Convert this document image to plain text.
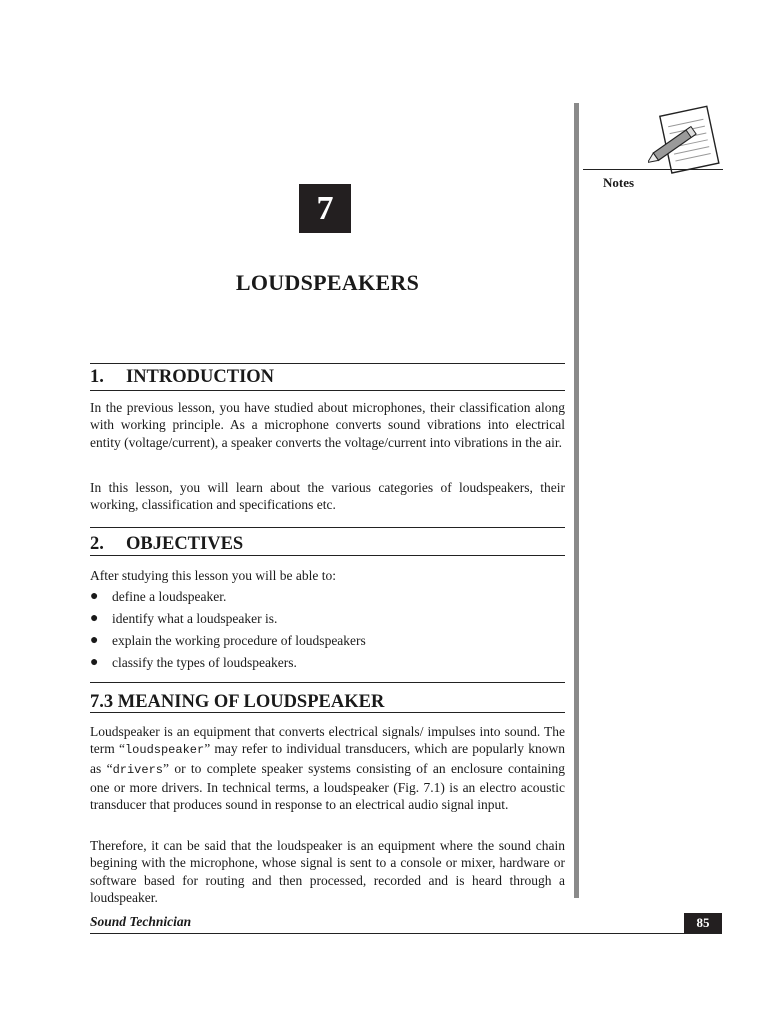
7
LOUDSPEAKERS
Notes
1. INTRODUCTION

In the previous lesson, you have studied about microphones, their classification along with working principle. As a microphone converts sound vibrations into electrical entity (voltage/current), a speaker converts the voltage/current into vibrations in the air.

In this lesson, you will learn about the various categories of loudspeakers, their working, classification and specifications etc.

2. OBJECTIVES

After studying this lesson you will be able to:

●	define a loudspeaker.
●	identify what a loudspeaker is.
●	explain the working procedure of loudspeakers
●	classify the types of loudspeakers.
7.3 MEANING OF LOUDSPEAKER

Loudspeaker is an equipment that converts electrical signals/ impulses into sound. The term “loudspeaker” may refer to individual transducers, which are popularly known as “drivers” or to complete speaker systems consisting of an enclosure containing one or more drivers. In technical terms, a loudspeaker (Fig. 7.1) is an electro acoustic transducer that produces sound in response to an electrical audio signal input.

Therefore, it can be said that the loudspeaker is an equipment where the sound chain begining with the microphone, whose signal is sent to a console or mixer, hardware or software based for routing and then processed, recorded and is heard through a loudspeaker.

Sound Technician	85
